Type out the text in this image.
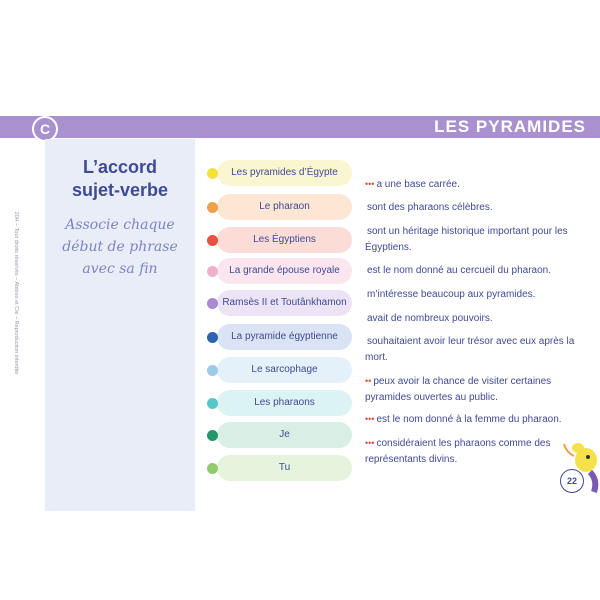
C	LES PYRAMIDES
20H – Tout droits réservés – Abitres et Cie – Reproduction interdite
L’accord
sujet-verbe
Associe chaque
début de phrase
avec sa fin
Les pyramides d’Égypte
Le pharaon
Les Égyptiens
La grande épouse royale
Ramsès II et Toutânkhamon
La pyramide égyptienne
Le sarcophage
Les pharaons
Je
Tu
••• a une base carrée.
sont des pharaons célèbres.
sont un héritage historique important pour les Égyptiens.
est le nom donné au cercueil du pharaon.
m’intéresse beaucoup aux pyramides.
avait de nombreux pouvoirs.
souhaitaient avoir leur trésor avec eux après la mort.
•• peux avoir la chance de visiter certaines pyramides ouvertes au public.
••• est le nom donné à la femme du pharaon.
••• considéraient les pharaons comme des représentants divins.
22
